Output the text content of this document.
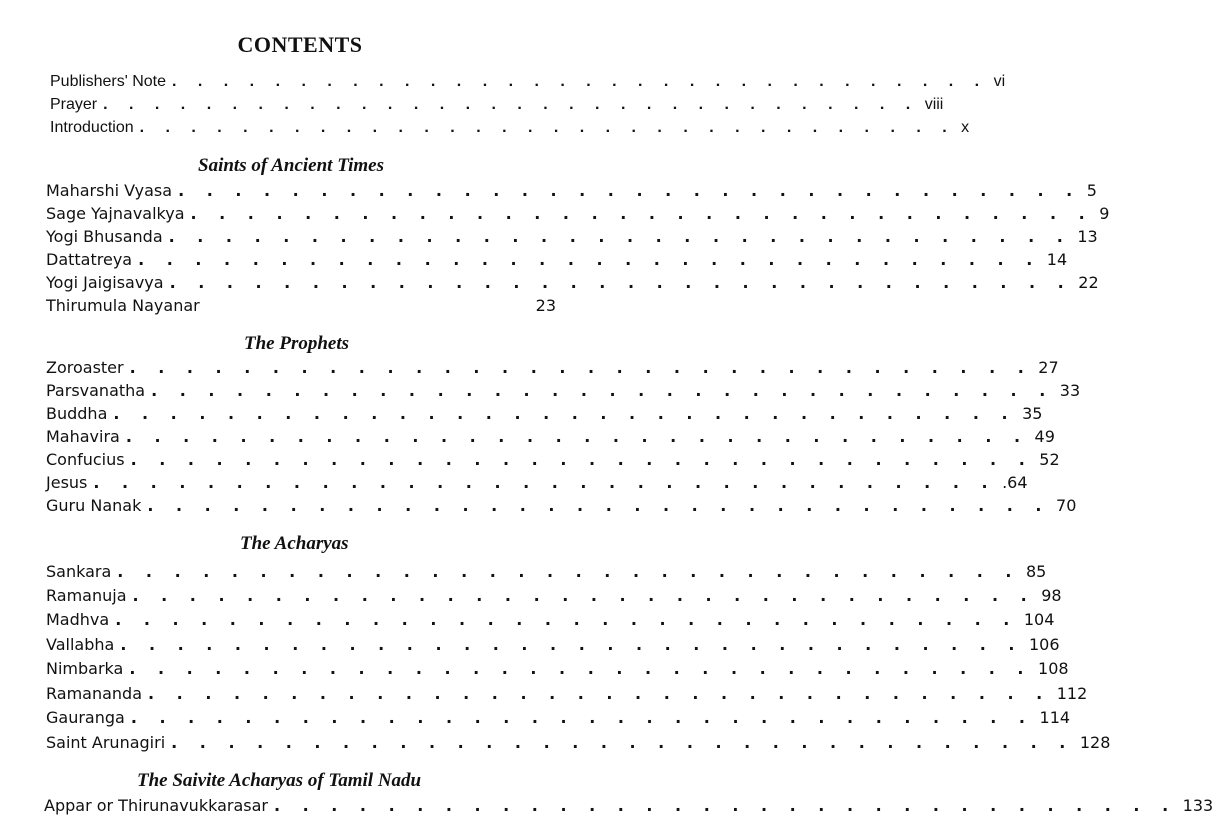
CONTENTS
Publishers' Note . . . . . . . . . . . . . . . . . . . . . . . . . . . . . . . . vi
Prayer . . . . . . . . . . . . . . . . . . . . . . . . . . . . . . . . viii
Introduction . . . . . . . . . . . . . . . . . . . . . . . . . . . . . . . . x
Saints of Ancient Times
Maharshi Vyasa . . . . . . . . . . . . . . . . . . . . . . . . . . . . . . . . 5
Sage Yajnavalkya . . . . . . . . . . . . . . . . . . . . . . . . . . . . . . . . 9
Yogi Bhusanda . . . . . . . . . . . . . . . . . . . . . . . . . . . . . . . . 13
Dattatreya . . . . . . . . . . . . . . . . . . . . . . . . . . . . . . . . 14
Yogi Jaigisavya . . . . . . . . . . . . . . . . . . . . . . . . . . . . . . . . 22
Thirumula Nayanar	23
The Prophets
Zoroaster . . . . . . . . . . . . . . . . . . . . . . . . . . . . . . . . 27
Parsvanatha . . . . . . . . . . . . . . . . . . . . . . . . . . . . . . . . 33
Buddha . . . . . . . . . . . . . . . . . . . . . . . . . . . . . . . . 35
Mahavira . . . . . . . . . . . . . . . . . . . . . . . . . . . . . . . . 49
Confucius . . . . . . . . . . . . . . . . . . . . . . . . . . . . . . . . 52
Jesus . . . . . . . . . . . . . . . . . . . . . . . . . . . . . . . . .64
Guru Nanak . . . . . . . . . . . . . . . . . . . . . . . . . . . . . . . . 70
The Acharyas
Sankara . . . . . . . . . . . . . . . . . . . . . . . . . . . . . . . . 85
Ramanuja . . . . . . . . . . . . . . . . . . . . . . . . . . . . . . . . 98
Madhva . . . . . . . . . . . . . . . . . . . . . . . . . . . . . . . . 104
Vallabha . . . . . . . . . . . . . . . . . . . . . . . . . . . . . . . . 106
Nimbarka . . . . . . . . . . . . . . . . . . . . . . . . . . . . . . . . 108
Ramananda . . . . . . . . . . . . . . . . . . . . . . . . . . . . . . . . 112
Gauranga . . . . . . . . . . . . . . . . . . . . . . . . . . . . . . . . 114
Saint Arunagiri . . . . . . . . . . . . . . . . . . . . . . . . . . . . . . . . 128
The Saivite Acharyas of Tamil Nadu
Appar or Thirunavukkarasar . . . . . . . . . . . . . . . . . . . . . . . . . . . . . . . . 133
